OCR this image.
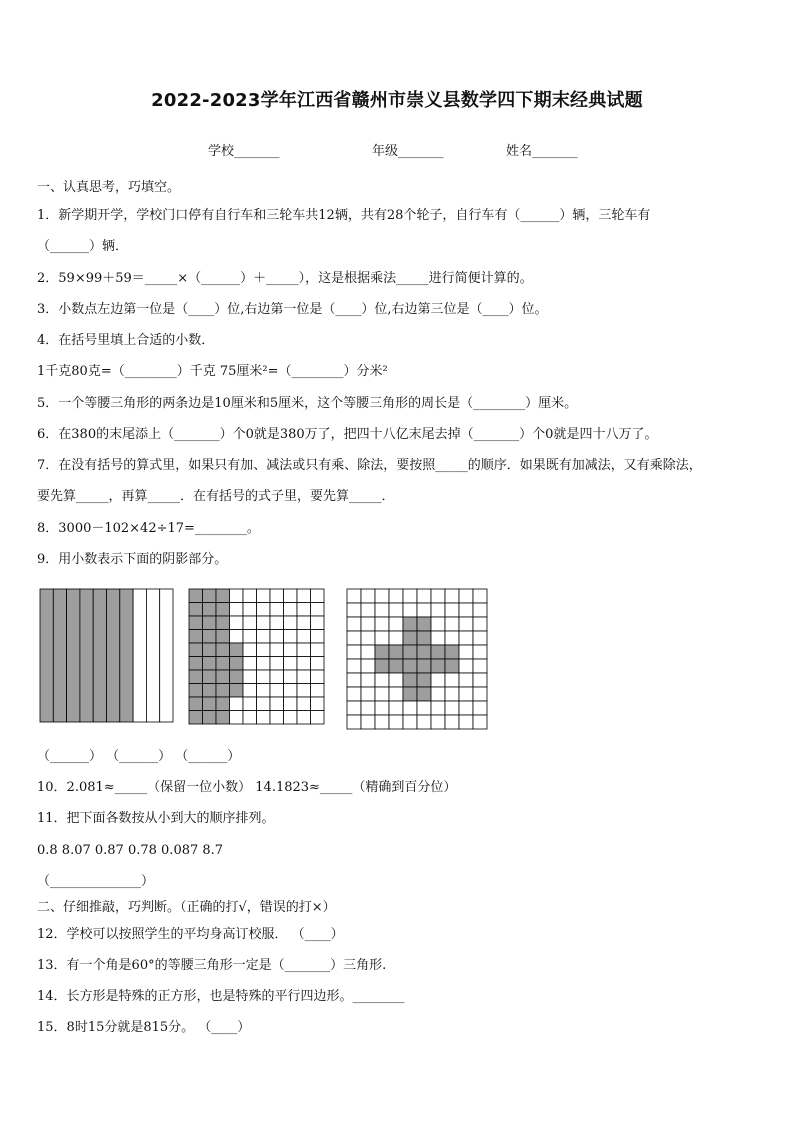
2022-2023学年江西省赣州市崇义县数学四下期末经典试题
学校_______	年级_______	姓名_______
一、认真思考，巧填空。
1．新学期开学，学校门口停有自行车和三轮车共12辆，共有28个轮子，自行车有（______）辆，三轮车有
（______）辆．
2．59×99＋59＝_____×（______）＋_____），这是根据乘法_____进行简便计算的。
3．小数点左边第一位是（____）位,右边第一位是（____）位,右边第三位是（____）位。
4．在括号里填上合适的小数．
1千克80克=（________）千克 75厘米²=（________）分米²
5．一个等腰三角形的两条边是10厘米和5厘米，这个等腰三角形的周长是（________）厘米。
6．在380的末尾添上（_______）个0就是380万了，把四十八亿末尾去掉（_______）个0就是四十八万了。
7．在没有括号的算式里，如果只有加、减法或只有乘、除法，要按照_____的顺序．如果既有加减法，又有乘除法，
要先算_____，再算_____．在有括号的式子里，要先算_____．
8．3000－102×42÷17=________。
9．用小数表示下面的阴影部分。
（______） （______） （______）
10．2.081≈_____（保留一位小数） 14.1823≈_____（精确到百分位）
11．把下面各数按从小到大的顺序排列。
0.8 8.07 0.87 0.78 0.087 8.7
（______________）
二、仔细推敲，巧判断。（正确的打√，错误的打×）
12．学校可以按照学生的平均身高订校服． （____）
13．有一个角是60°的等腰三角形一定是（_______）三角形.
14．长方形是特殊的正方形，也是特殊的平行四边形。________
15．8时15分就是815分。 （____）
